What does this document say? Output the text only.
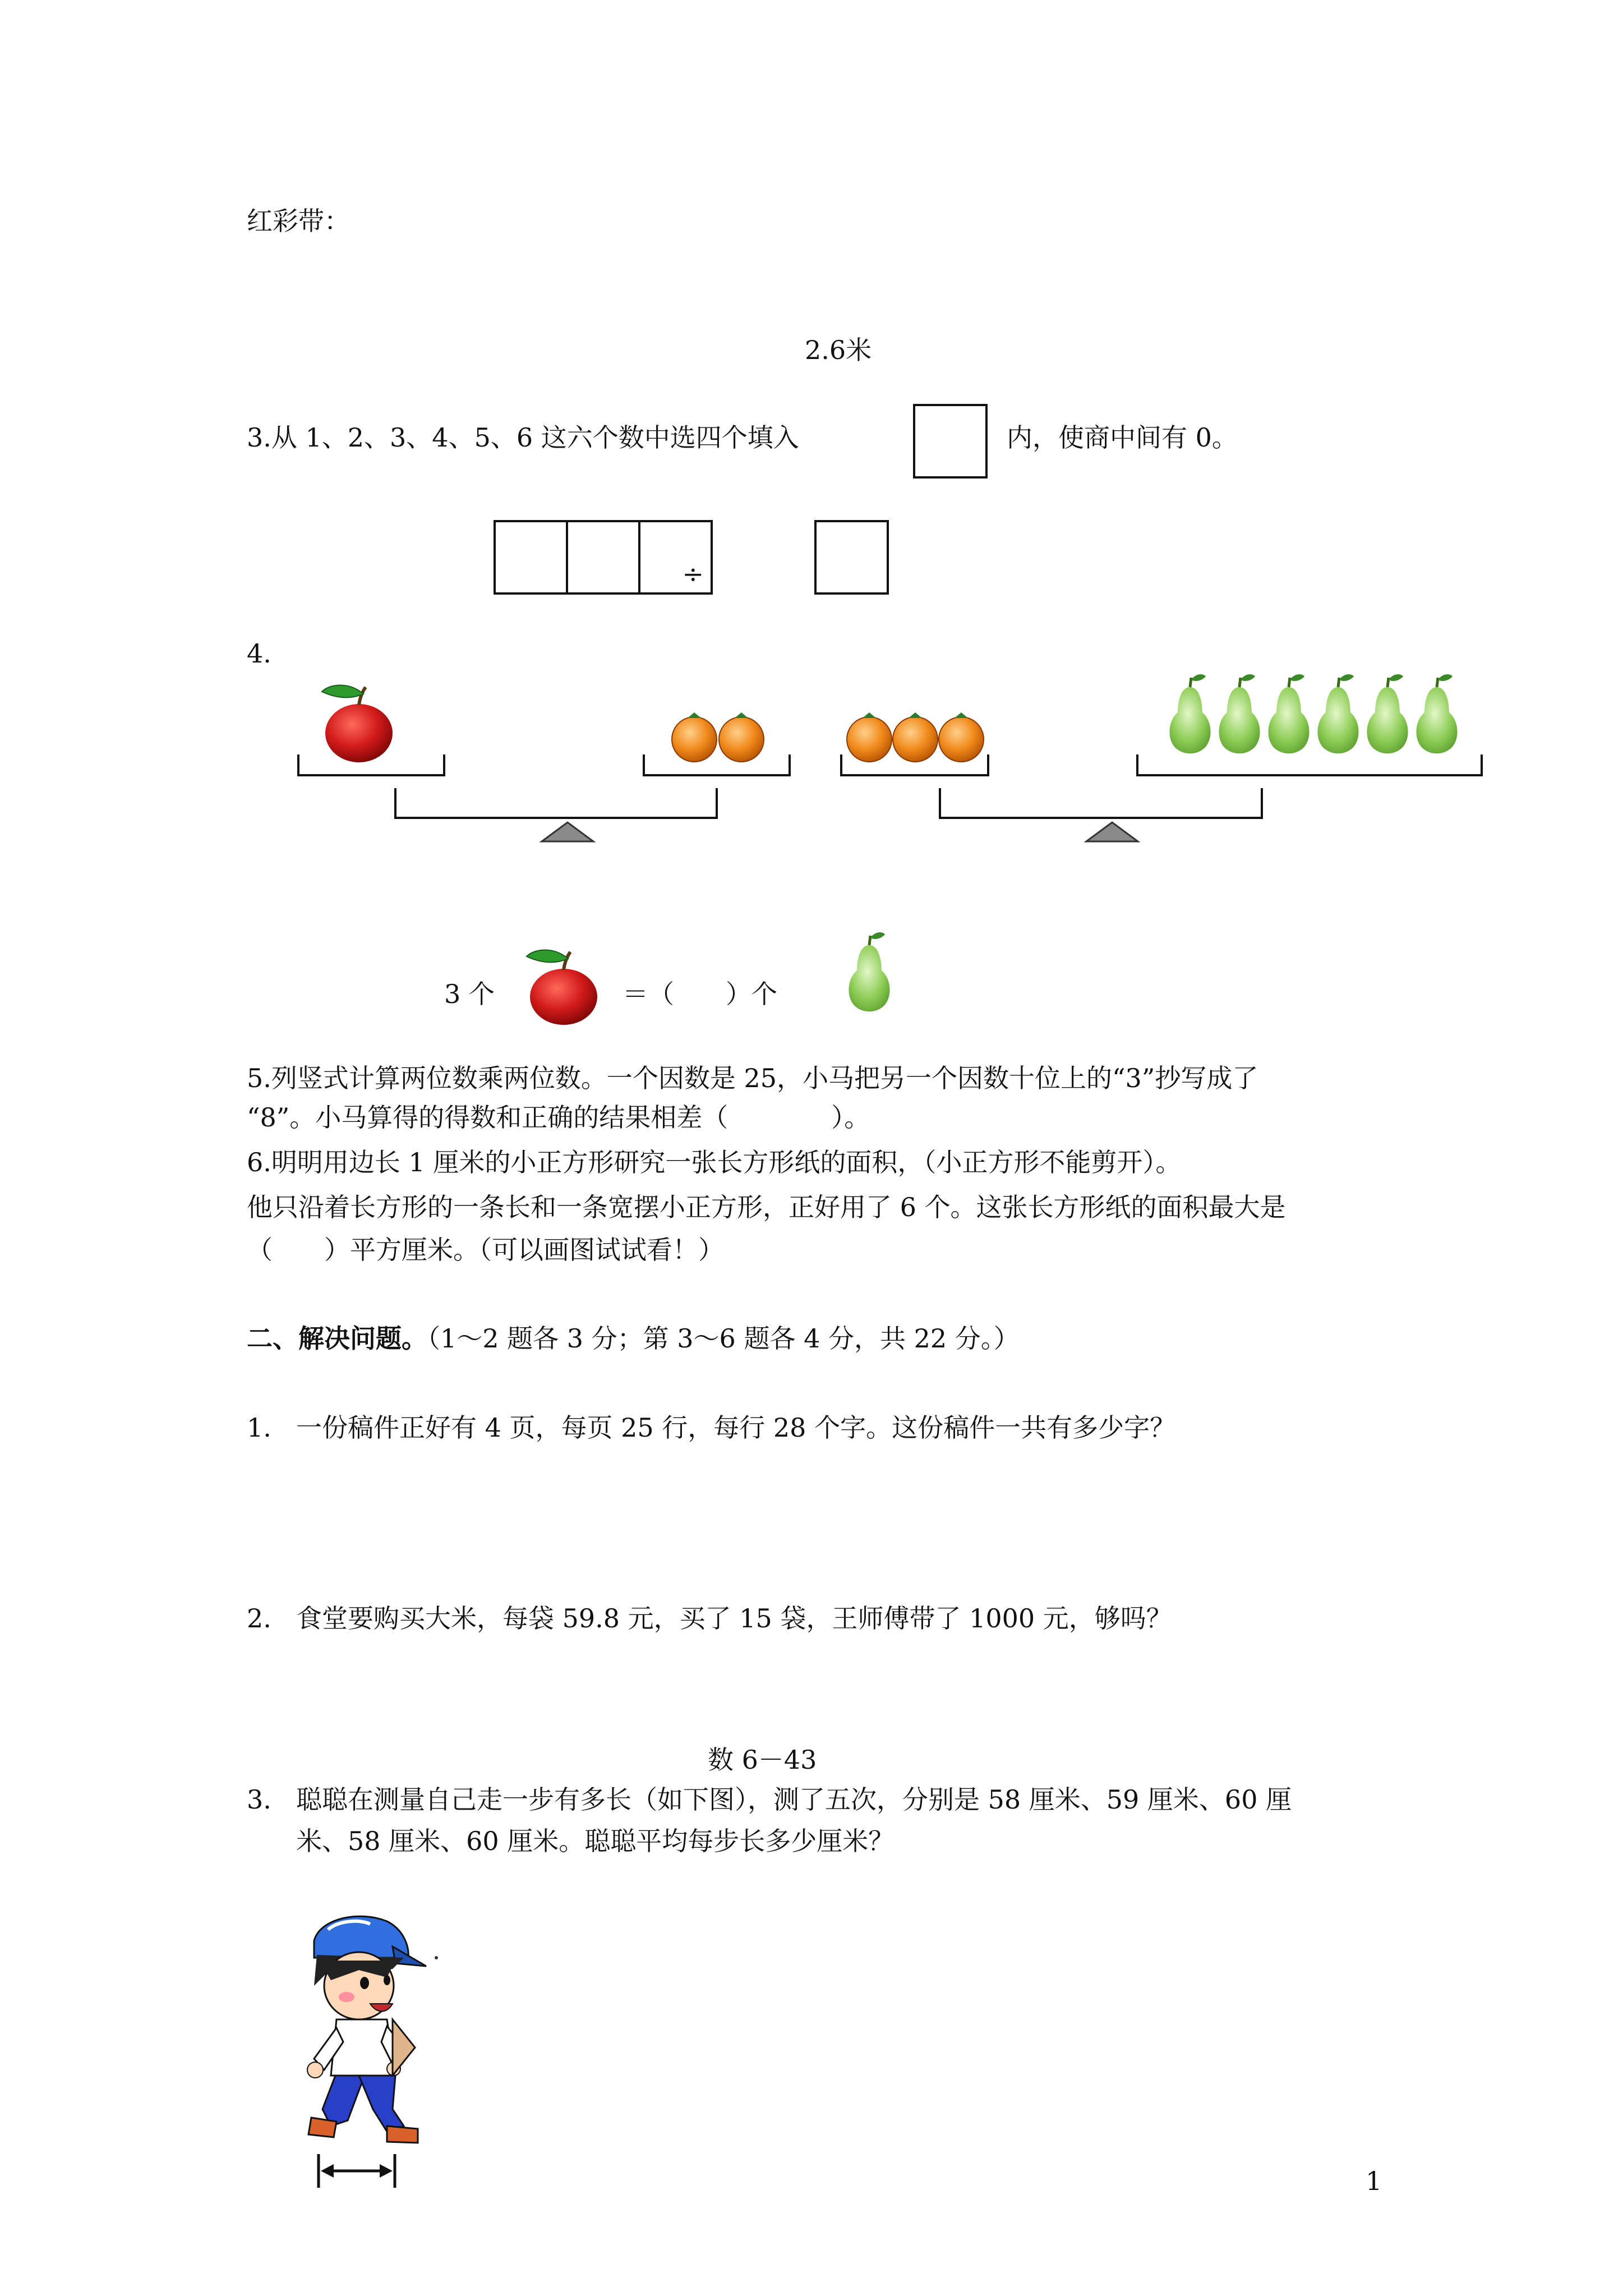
红彩带：
2.6米
3.从 1、2、3、4、5、6 这六个数中选四个填入	内，使商中间有 0。
÷
4.
3 个	＝（　　）个
5.列竖式计算两位数乘两位数。一个因数是 25，小马把另一个因数十位上的“3”抄写成了
“8”。小马算得的得数和正确的结果相差（　　　　）。
6.明明用边长 1 厘米的小正方形研究一张长方形纸的面积，（小正方形不能剪开）。
他只沿着长方形的一条长和一条宽摆小正方形，正好用了 6 个。这张长方形纸的面积最大是
（　　）平方厘米。（可以画图试试看！）
二、解决问题。（1～2 题各 3 分；第 3～6 题各 4 分，共 22 分。）
1. 一份稿件正好有 4 页，每页 25 行，每行 28 个字。这份稿件一共有多少字？
2. 食堂要购买大米，每袋 59.8 元，买了 15 袋，王师傅带了 1000 元，够吗？
数 6－43
3. 聪聪在测量自己走一步有多长（如下图），测了五次，分别是 58 厘米、59 厘米、60 厘
米、58 厘米、60 厘米。聪聪平均每步长多少厘米？
1
